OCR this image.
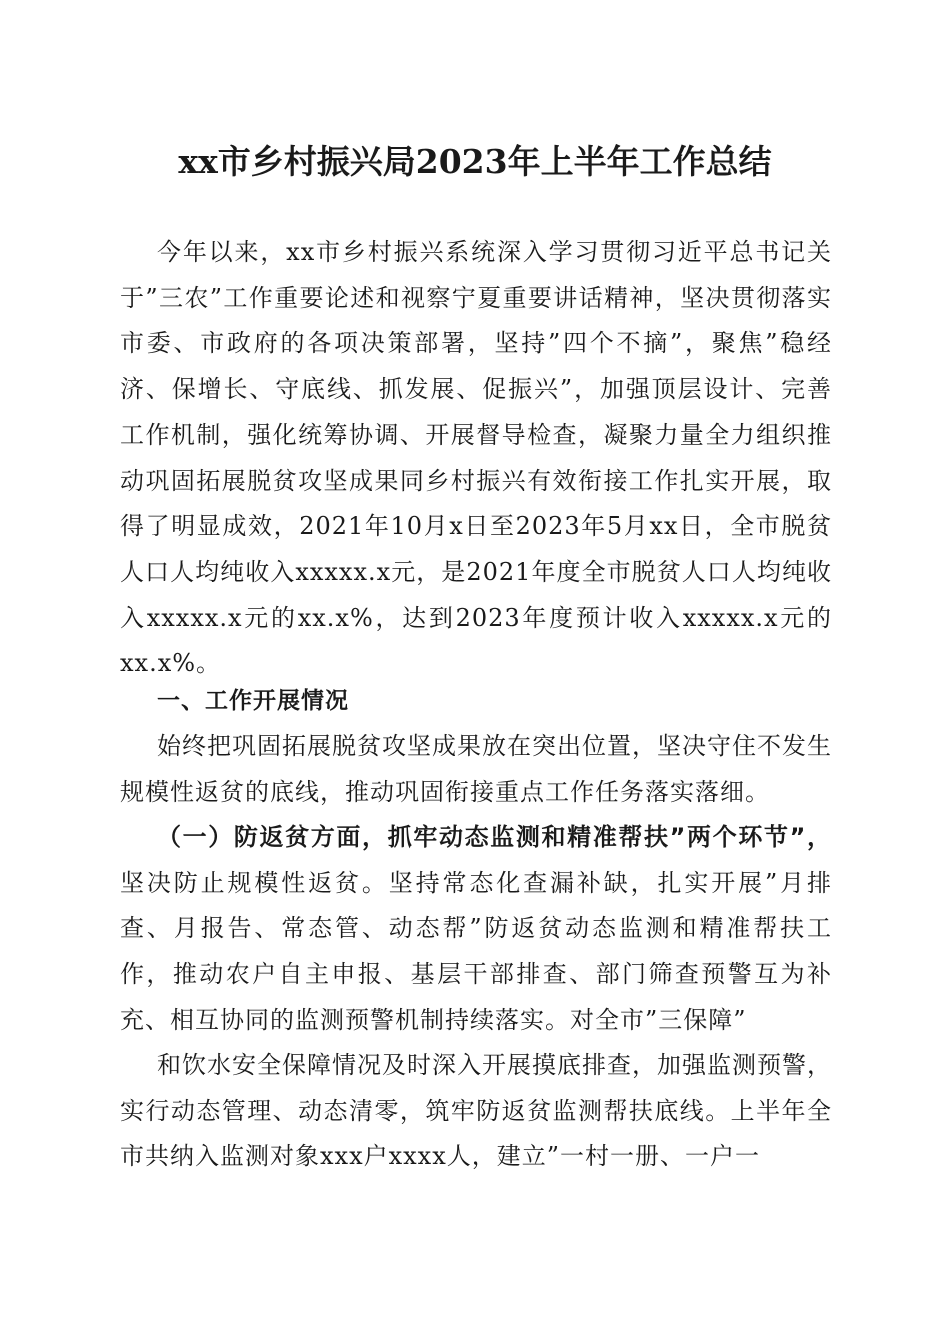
xx市乡村振兴局2023年上半年工作总结

今年以来，xx市乡村振兴系统深入学习贯彻习近平总书记关于”三农”工作重要论述和视察宁夏重要讲话精神，坚决贯彻落实市委、市政府的各项决策部署，坚持”四个不摘”，聚焦”稳经济、保增长、守底线、抓发展、促振兴”，加强顶层设计、完善工作机制，强化统筹协调、开展督导检查，凝聚力量全力组织推动巩固拓展脱贫攻坚成果同乡村振兴有效衔接工作扎实开展，取得了明显成效，2021年10月x日至2023年5月xx日，全市脱贫人口人均纯收入xxxxx.x元，是2021年度全市脱贫人口人均纯收入xxxxx.x元的xx.x%，达到2023年度预计收入xxxxx.x元的xx.x%。

一、工作开展情况

始终把巩固拓展脱贫攻坚成果放在突出位置，坚决守住不发生规模性返贫的底线，推动巩固衔接重点工作任务落实落细。

（一）防返贫方面，抓牢动态监测和精准帮扶”两个环节”，坚决防止规模性返贫。坚持常态化查漏补缺，扎实开展”月排查、月报告、常态管、动态帮”防返贫动态监测和精准帮扶工作，推动农户自主申报、基层干部排查、部门筛查预警互为补充、相互协同的监测预警机制持续落实。对全市”三保障”

和饮水安全保障情况及时深入开展摸底排查，加强监测预警，实行动态管理、动态清零，筑牢防返贫监测帮扶底线。上半年全市共纳入监测对象xxx户xxxx人，建立”一村一册、一户一
